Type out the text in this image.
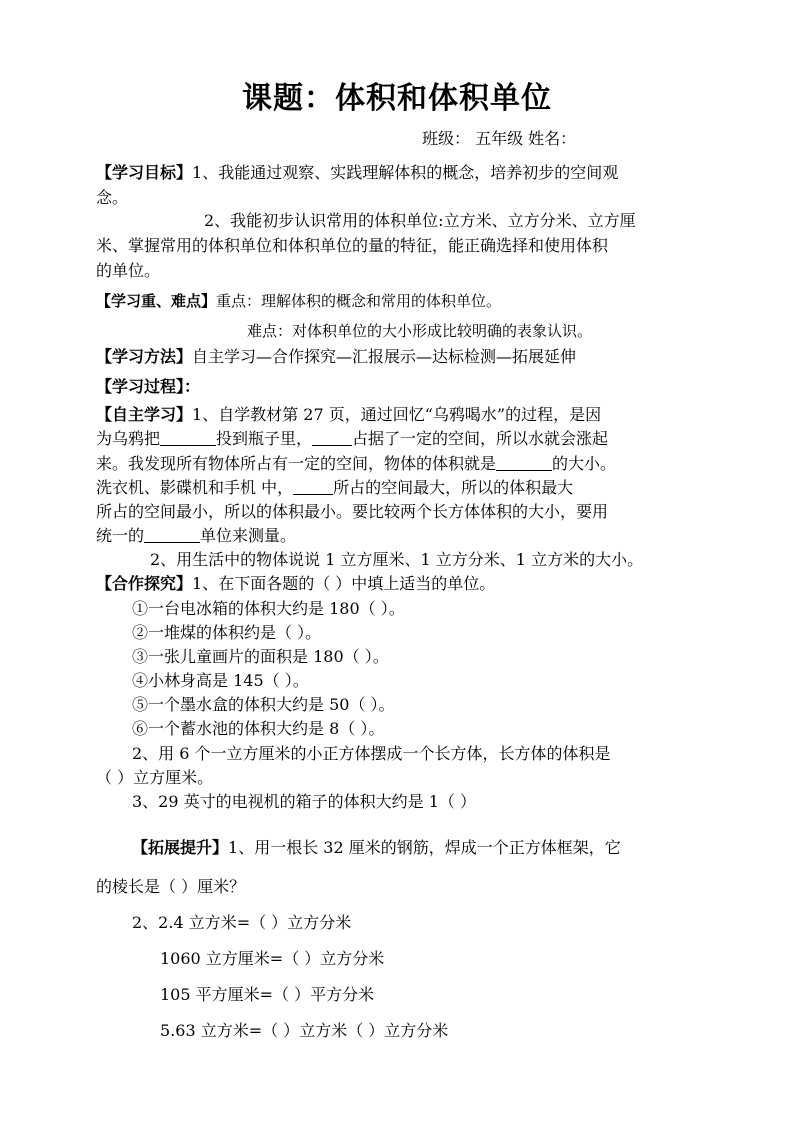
课题：体积和体积单位
班级： 五年级 姓名：
【学习目标】1、我能通过观察、实践理解体积的概念，培养初步的空间观
念。
2、我能初步认识常用的体积单位:立方米、立方分米、立方厘
米、掌握常用的体积单位和体积单位的量的特征，能正确选择和使用体积
的单位。
【学习重、难点】重点：理解体积的概念和常用的体积单位。
难点：对体积单位的大小形成比较明确的表象认识。
【学习方法】自主学习—合作探究—汇报展示—达标检测—拓展延伸
【学习过程】：
【自主学习】1、自学教材第 27 页，通过回忆“乌鸦喝水”的过程，是因
为乌鸦把	投到瓶子里，	占据了一定的空间，所以水就会涨起
来。我发现所有物体所占有一定的空间，物体的体积就是	的大小。
洗衣机、影碟机和手机 中，	所占的空间最大，所以的体积最大
所占的空间最小，所以的体积最小。要比较两个长方体体积的大小，要用
统一的	单位来测量。
2、用生活中的物体说说 1 立方厘米、1 立方分米、1 立方米的大小。
【合作探究】1、在下面各题的（ ）中填上适当的单位。
①一台电冰箱的体积大约是 180（ ）。
②一堆煤的体积约是（ ）。
③一张儿童画片的面积是 180（ ）。
④小林身高是 145（ ）。
⑤一个墨水盒的体积大约是 50（ ）。
⑥一个蓄水池的体积大约是 8（ ）。
2、用 6 个一立方厘米的小正方体摆成一个长方体，长方体的体积是
（ ）立方厘米。
3、29 英寸的电视机的箱子的体积大约是 1（ ）
【拓展提升】1、用一根长 32 厘米的钢筋，焊成一个正方体框架，它
的棱长是（ ）厘米？
2、2.4 立方米=（ ）立方分米
1060 立方厘米=（ ）立方分米
105 平方厘米=（ ）平方分米
5.63 立方米=（ ）立方米（ ）立方分米
